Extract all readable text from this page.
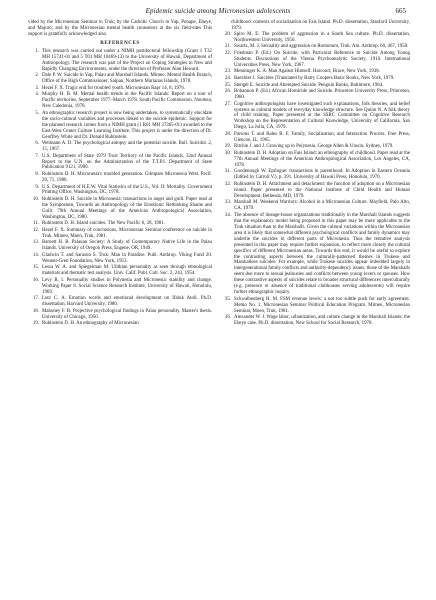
Epidemic suicide among Micronesian adolescents	665

vided by the Micronesian Seminar in Truk; by the Catholic Church in Yap, Ponape, Ebeye, and Majuro; and by the Micronesian mental health counselors at the six field-sites This support is gratefully acknowledged also.

REFERENCES
1. This research was carried out under a NIMH postdoctoral fellowship (Grant 1 T32 MH 15741-01 and 5 T01 MH 10469-13) to the University of Hawaii, Department of Anthropology. The research was part of the Project on Coping Strategies in New and Rapidly Changing Environments, under the direction of Professor Alan Howard.
2. Dale P. W. Suicide in Yap, Palau and Marshall Islands. Mimeo. Mental Health Branch, Office of the High Commissioner, Saipan, Northern Marianas Islands, 1978.
3. Hezel F. X. Tragic end for troubled youth. Micronesian Rapr 14, 8, 1976.
4. Murphy H. B. M. Mental health trends in the Pacific Islands: Report on a tour of Pacific territories, September 1977–March 1978. South Pacific Commission, Noumea, New Caledonia, 1978.
5. An ethnographic research project is now being undertaken, to systematically elucidate the socio-cultural variables and processes linked to the suicide epidemic. Support for the planned research comes from a NIMH grant (1 R01 MH 37365-01) awarded to the East-West Center Culture Learning Institute. This project is under the direction of Dr. Geoffrey White and Dr. Donald Rubinstein.
6. Weimann A. D. The psychological autopsy and the potential suicide. Bull. Suicidol. 2, 15, 1967.
7. U.S. Department of State 1979 Trust Territory of the Pacific Islands, 32nd Annual Report to the U.N. on the Administration of the T.T.P.I. Department of State Publication 9121, 1980.
8. Rubinstein D. H. Micronesia's troubled generation. Glimpses Micronesia West. Pacif. 20, 71, 1980.
9. U.S. Department of H.E.W. Vital Statistics of the U.S., Vol. II: Mortality. Government Printing Office, Washington, DC, 1978.
10. Rubinstein D. H. Suicide in Micronesia: transactions in anger and guilt. Paper read at the Symposium, Towards an Anthropology of the Emotions: Rethinking Shame and Guilt. 79th Annual Meetings of the American Anthropological Association, Washington, DC, 1980.
11. Rubinstein D. H. Island suicides. The New Pacific 6, 28, 1981.
12. Hezel F. X. Summary of conclusions, Micronesian Seminar conference on suicide in Truk. Mimeo, Moen, Truk, 1981.
13. Barnett H. B. Palauan Society: A Study of Contemporary Native Life in the Palau Islands. University of Oregon Press, Eugene, OR, 1949.
14. Gladwin T. and Sarason S. Truk: Man in Paradise. Publ. Anthrop. Viking Fund 20. Wenner-Gren Foundation, New York, 1953.
15. Lessa W. A. and Spiegelman M. Ulithian personality as seen through ethnological materials and thematic test analysis. Univ. Calif. Publ. Cult. Soc. 2, 243, 1954.
16. Levy R. I. Personality studies in Polynesia and Micronesia: stability and change. Working Paper 8. Social Science Research Institute, University of Hawaii, Honolulu, 1969.
17. Lutz C. A. Emotion words and emotional development on Ifaluk Atoll. Ph.D. dissertation, Harvard University, 1980.
18. Mahoney F. B. Projective psychological findings in Palau personality. Master's thesis. University of Chicago, 1950.
19. Rubinstein D. H. An ethnography of Micronesian

childhood: contexts of socialization on Fais Island. Ph.D. dissertation, Stanford University, 1979.

20. Spiro M. E. The problem of aggression in a South Sea culture. Ph.D. dissertation, Northwestern University, 1950.
21. Swartz, M. J. Sexuality and aggression on Romonum, Truk. Am. Anthrop. 60, 467, 1958.
22. Friedman P. (Ed.) On Suicide, with Particular Reference to Suicide Among Young Students. Discussions of the Vienna Psychoanalytic Society, 1910. International Universities Press, New York, 1967.
23. Menninger K. A. Man Against Himself. Harcourt, Brace, New York, 1938.
24. Baechler J. Suicides (Translated by Barry Coopers Basic Books, New York, 1979.
25. Stengel E. Suicide and Attempted Suicide. Penguin Books, Baltimore, 1964.
26. Bohannon P. (Ed.) African Homicide and Suicide. Princeton University Press, Princeton, 1960.
27. Cognitive anthropologists have investigated such explanations, folk theories, and belief systems as cultural models of everyday knowledge structure. See Quinn N. A folk theory of child training. Paper presented at the SSRC Committee on Cognitive Research Workshop on the Representation of Cultural Knowledge, University of California, San Diego, La Jolla, CA, 1979.
28. Parsons T. and Bales R. F. Family, Socialization, and Interaction Process. Free Press, Glencoe, IL, 1965.
29. Ritchie J. and J. Growing up in Polynesia. George Allen & Unwin, Sydney, 1979.
30. Rubinstein D. H. Adoption on Fais Island: an ethnography of childhood. Paper read at the 77th Annual Meetings of the American Anthropological Association, Los Angeles, CA, 1978.
31. Goodenough W. Epilogue: transactions in parenthood. In Adoption in Eastern Oceania (Edited by Carroll V.), p. 391. University of Hawaii Press, Honolulu, 1970.
32. Rubinstein D. H. Attachment and detachment: the function of adoption on a Micronesian island. Paper presented to the National Institute of Child Health and Human Development, Bethesda, MD, 1979.
33. Marshall M. Weekend Warriors: Alcohol in a Micronesian Culture. Mayfield, Palo Alto, CA, 1979.
34. The absence of lineage-house organizations traditionally in the Marshall Islands suggests that the explanatory model being proposed in this paper may be more applicable to the Truk situation than to the Marshalls. Given the cultural variations within the Micronesian area it is likely that somewhat different psychological conflicts and family dynamics may underlie the suicides in different parts of Micronesia. Thus the tentative analysis presented in this paper may require further expansion, to reflect more closely the cultural specifics of different Micronesian areas. Towards this end, it would be useful to explore the contrasting aspects between the culturally-patterned themes in Trukese and Marshallese suicides. For example, while Trukese suicides appear imbedded largely in intergenerational family conflicts and authority-dependency issues, those of the Marshalls seem due more to sexual jealousies and conflicts between young lovers or spouses. How these contrastive aspects of suicides relate to broader structural differences interculturally (e.g. presence or absence of traditional clubhouses serving adolescents) will require further ethnographic inquiry.
35. Schwalbenberg H. M. FSM revenue levels: a not too subtle push for early agreement. Memo No. 1, Micronesian Seminar Political Education Program. Mimeo, Micronesian Seminar, Moen, Truk, 1981.
36. Alexander W. J. Wage labor, urbanization, and culture change in the Marshall Islands: the Ebeye case. Ph.D. dissertation, New School for Social Research, 1978.
